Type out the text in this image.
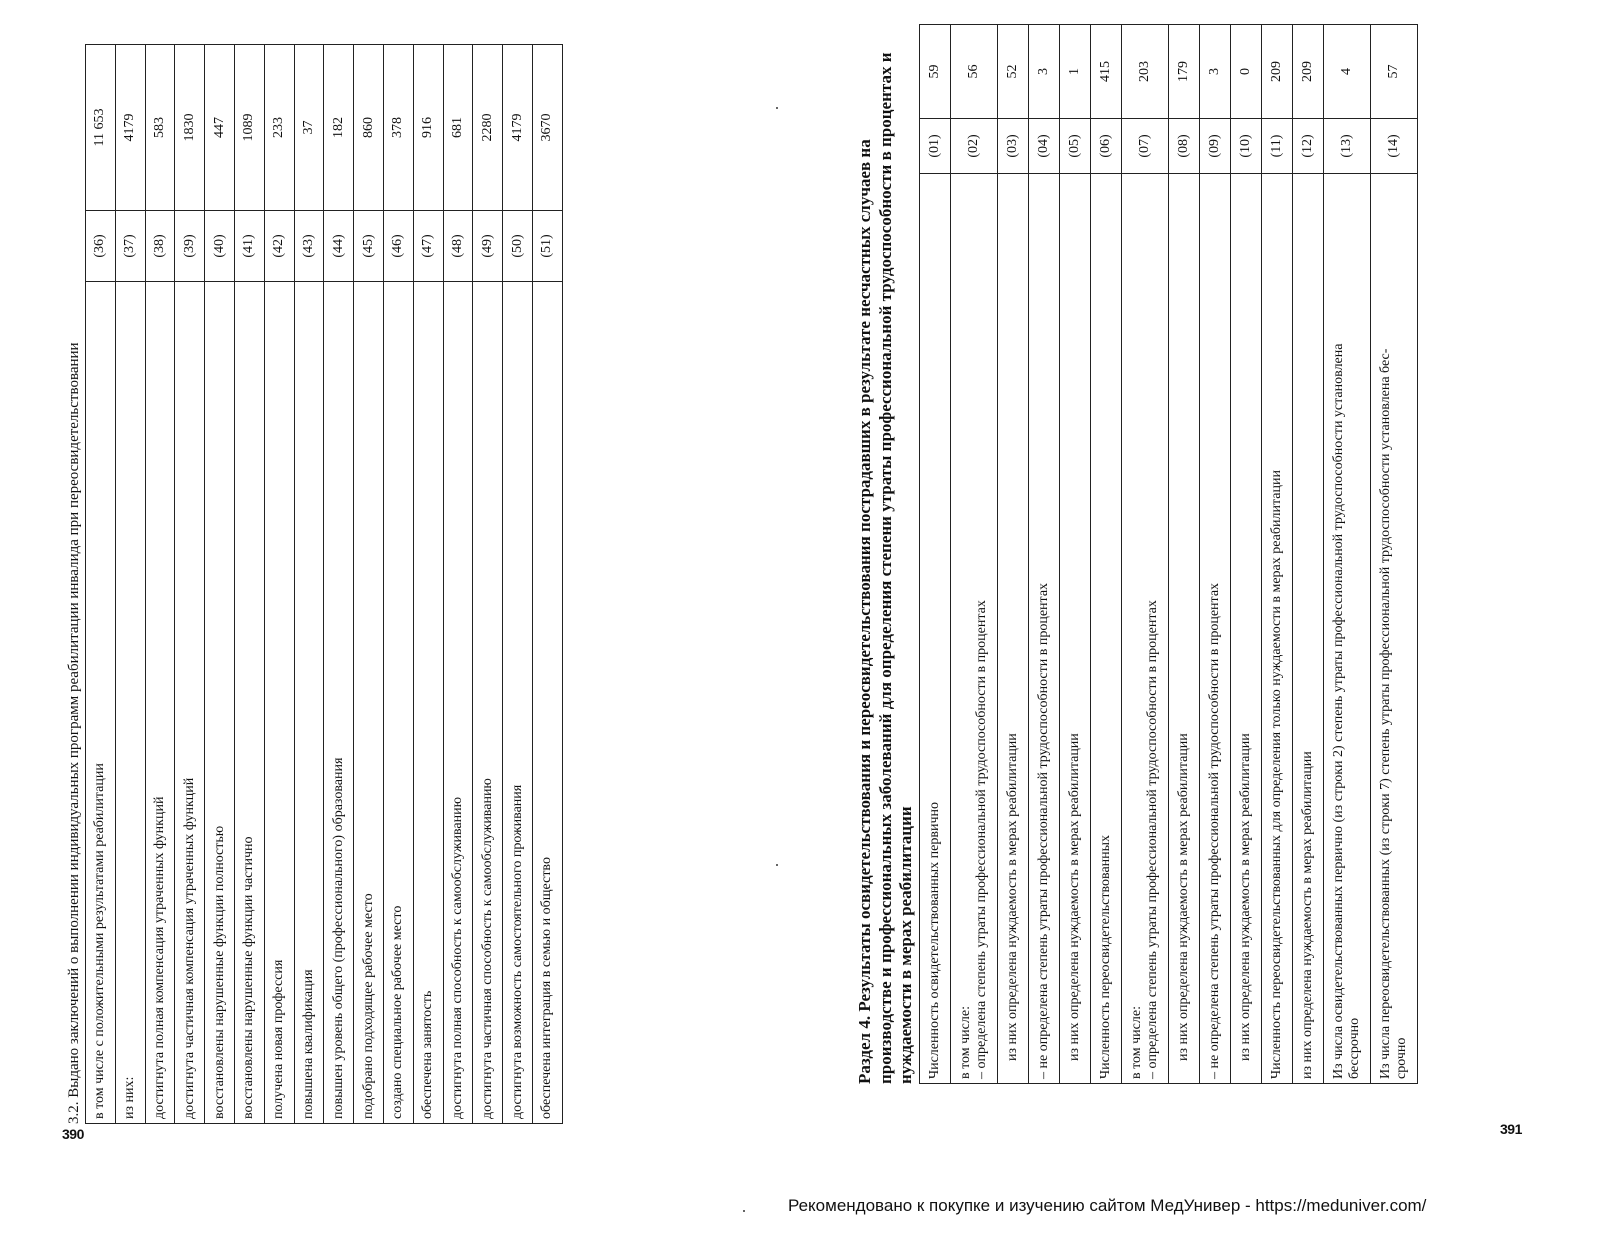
390	391
3.2. Выдано заключений о выполнении индивидуальных программ реабилитации инвалида при переосвидетельствовании в том числе с положительными результатами реабилитации	(36)	11 653
из них:	(37)	4179
достигнута полная компенсация утраченных функций	(38)	583
достигнута частичная компенсация утраченных функций	(39)	1830
восстановлены нарушенные функции полностью	(40)	447
восстановлены нарушенные функции частично	(41)	1089
получена новая профессия	(42)	233
повышена квалификация	(43)	37
повышен уровень общего (профессионального) образования	(44)	182
подобрано подходящее рабочее место	(45)	860
создано специальное рабочее место	(46)	378
обеспечена занятость	(47)	916
достигнута полная способность к самообслуживанию	(48)	681
достигнута частичная способность к самообслуживанию	(49)	2280
достигнута возможность самостоятельного проживания	(50)	4179
обеспечена интеграция в семью и общество	(51)	3670
Раздел 4. Результаты освидетельствования и переосвидетельствования пострадавших в результате несчастных случаев на производстве и профессиональных заболеваний для определения степени утраты профессиональной трудоспособности в процентах и нуждаемости в мерах реабилитации Численность освидетельствованных первично	(01)	59

в том числе: – определена степень утраты профессиональной трудоспособности в процентах	(02)	56

из них определена нуждаемость в мерах реабилитации	(03)	52

– не определена степень утраты профессиональной трудоспособности в процентах	(04)	3

из них определена нуждаемость в мерах реабилитации	(05)	1

Численность переосвидетельствованных	(06)	415

в том числе: – определена степень утраты профессиональной трудоспособности в процентах	(07)	203

из них определена нуждаемость в мерах реабилитации	(08)	179

– не определена степень утраты профессиональной трудоспособности в процентах	(09)	3

из них определена нуждаемость в мерах реабилитации	(10)	0

Численность переосвидетельствованных для определения только нуждаемости в мерах реабилитации	(11)	209

из них определена нуждаемость в мерах реабилитации	(12)	209

Из числа освидетельствованных первично (из строки 2) степень утраты профессиональной трудоспособности установлена бессрочно	(13)	4

Из числа переосвидетельствованных (из строки 7) степень утраты профессиональной трудоспособности установлена бес- срочно	(14)	57
Рекомендовано к покупке и изучению сайтом МедУнивер - https://meduniver.com/
